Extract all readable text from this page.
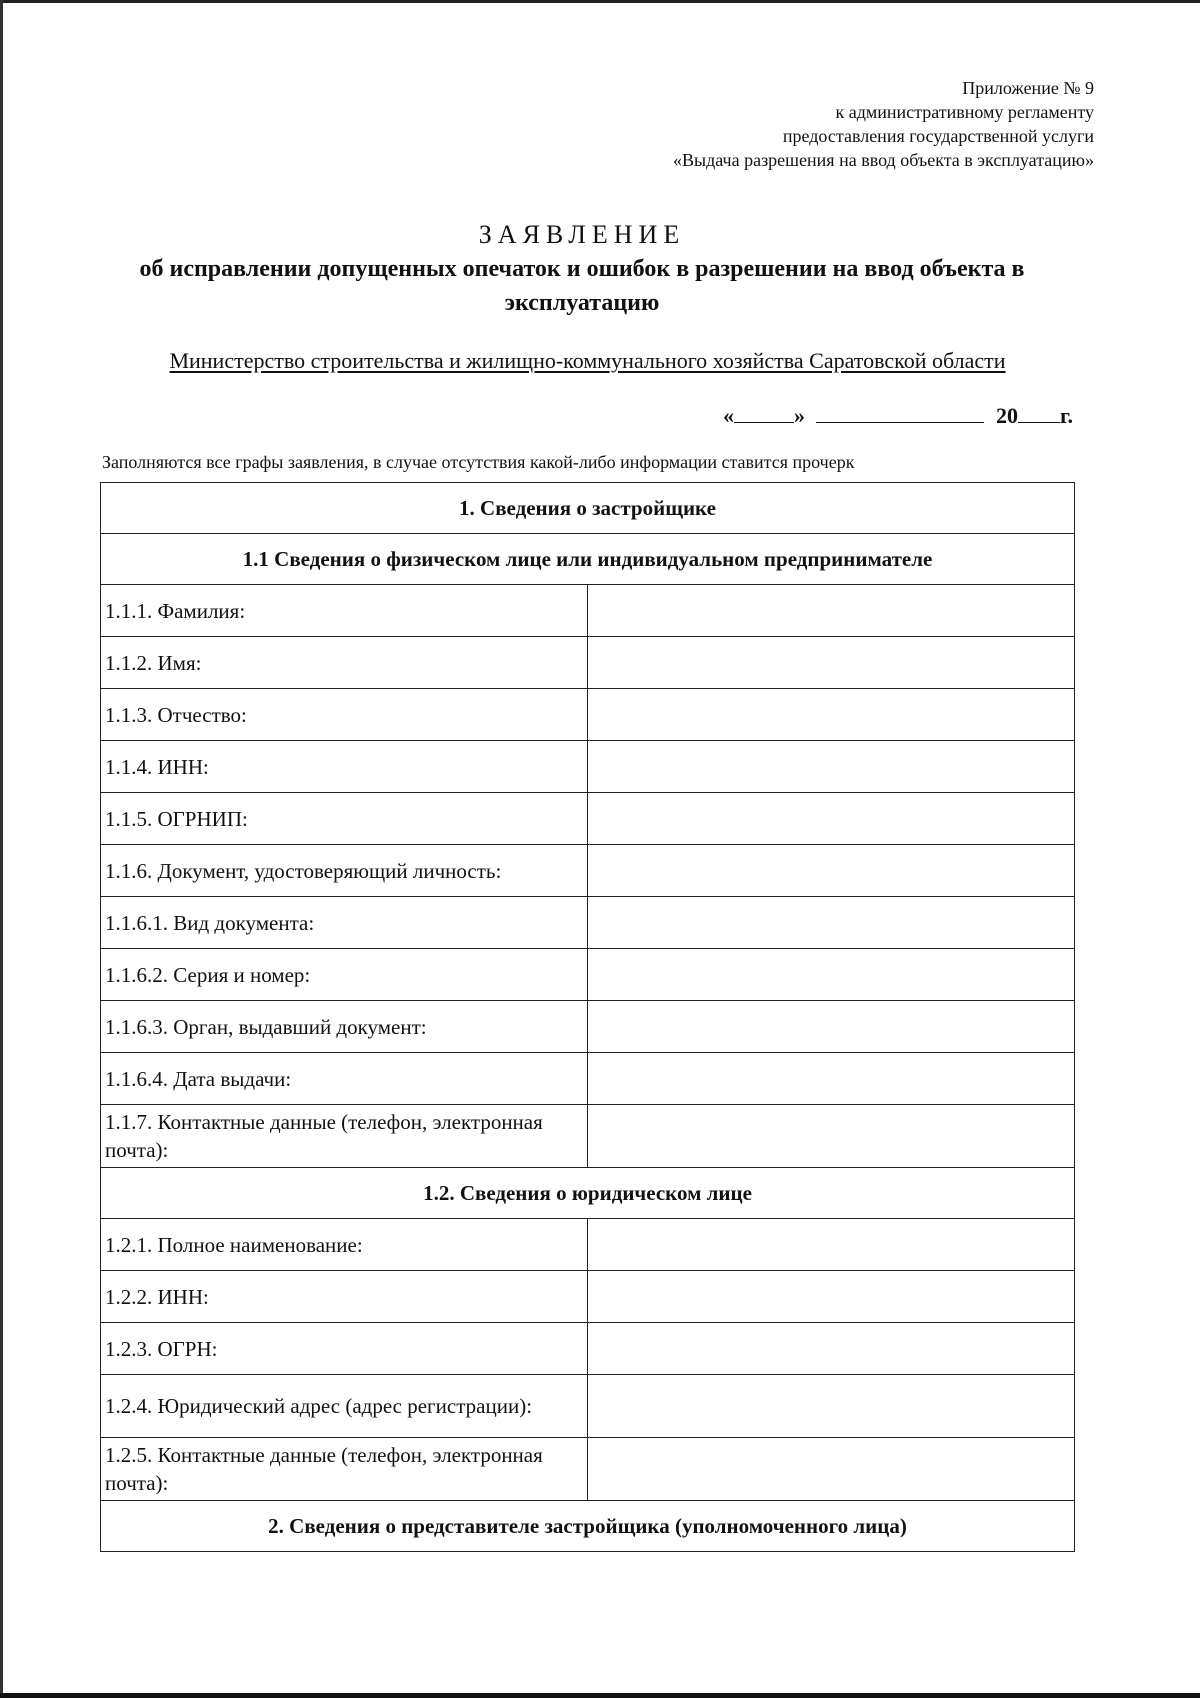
Приложение № 9
к административному регламенту
предоставления государственной услуги
«Выдача разрешения на ввод объекта в эксплуатацию»
ЗАЯВЛЕНИЕ
об исправлении допущенных опечаток и ошибок в разрешении на ввод объекта в эксплуатацию
Министерство строительства и жилищно-коммунального хозяйства Саратовской области
«	»	20 г.
Заполняются все графы заявления, в случае отсутствия какой-либо информации ставится прочерк
1. Сведения о застройщике	
1.1 Сведения о физическом лице или индивидуальном предпринимателе	
1.1.1. Фамилия:	
1.1.2. Имя:	
1.1.3. Отчество:	
1.1.4. ИНН:	
1.1.5. ОГРНИП:	
1.1.6. Документ, удостоверяющий личность:	
1.1.6.1. Вид документа:	
1.1.6.2. Серия и номер:	
1.1.6.3. Орган, выдавший документ:	
1.1.6.4. Дата выдачи:	
1.1.7. Контактные данные (телефон, электронная почта):	
1.2. Сведения о юридическом лице	
1.2.1. Полное наименование:	
1.2.2. ИНН:	
1.2.3. ОГРН:	
1.2.4. Юридический адрес (адрес регистрации):	
1.2.5. Контактные данные (телефон, электронная почта):	
2. Сведения о представителе застройщика (уполномоченного лица)	
